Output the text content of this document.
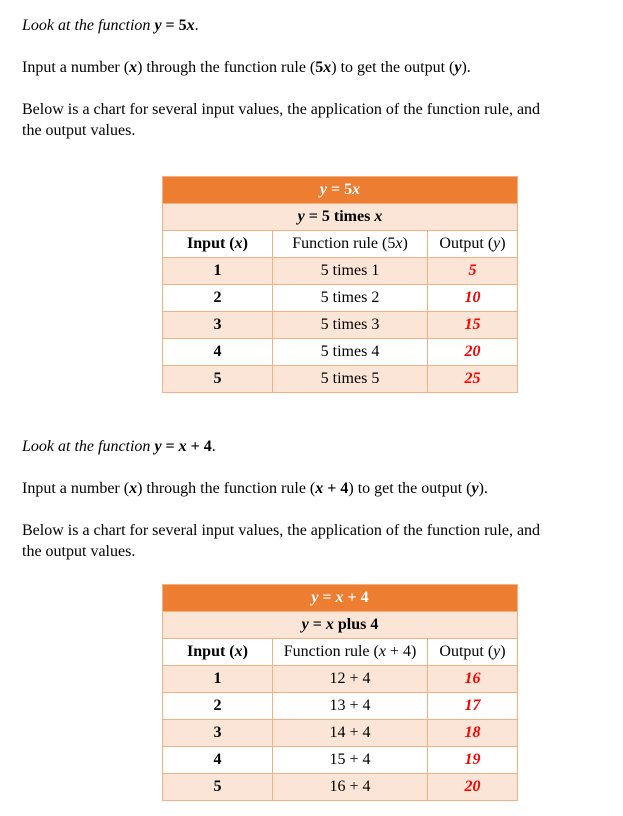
Look at the function y = 5x.

Input a number (x) through the function rule (5x) to get the output (y).

Below is a chart for several input values, the application of the function rule, and
the output values.

y = 5x		
y = 5 times x		
Input (x)	Function rule (5x)	Output (y)
1	5 times 1	5
2	5 times 2	10
3	5 times 3	15
4	5 times 4	20
5	5 times 5	25

Look at the function y = x + 4.

Input a number (x) through the function rule (x + 4) to get the output (y).

Below is a chart for several input values, the application of the function rule, and
the output values.

y = x + 4		
y = x plus 4		
Input (x)	Function rule (x + 4)	Output (y)
1	12 + 4	16
2	13 + 4	17
3	14 + 4	18
4	15 + 4	19
5	16 + 4	20
